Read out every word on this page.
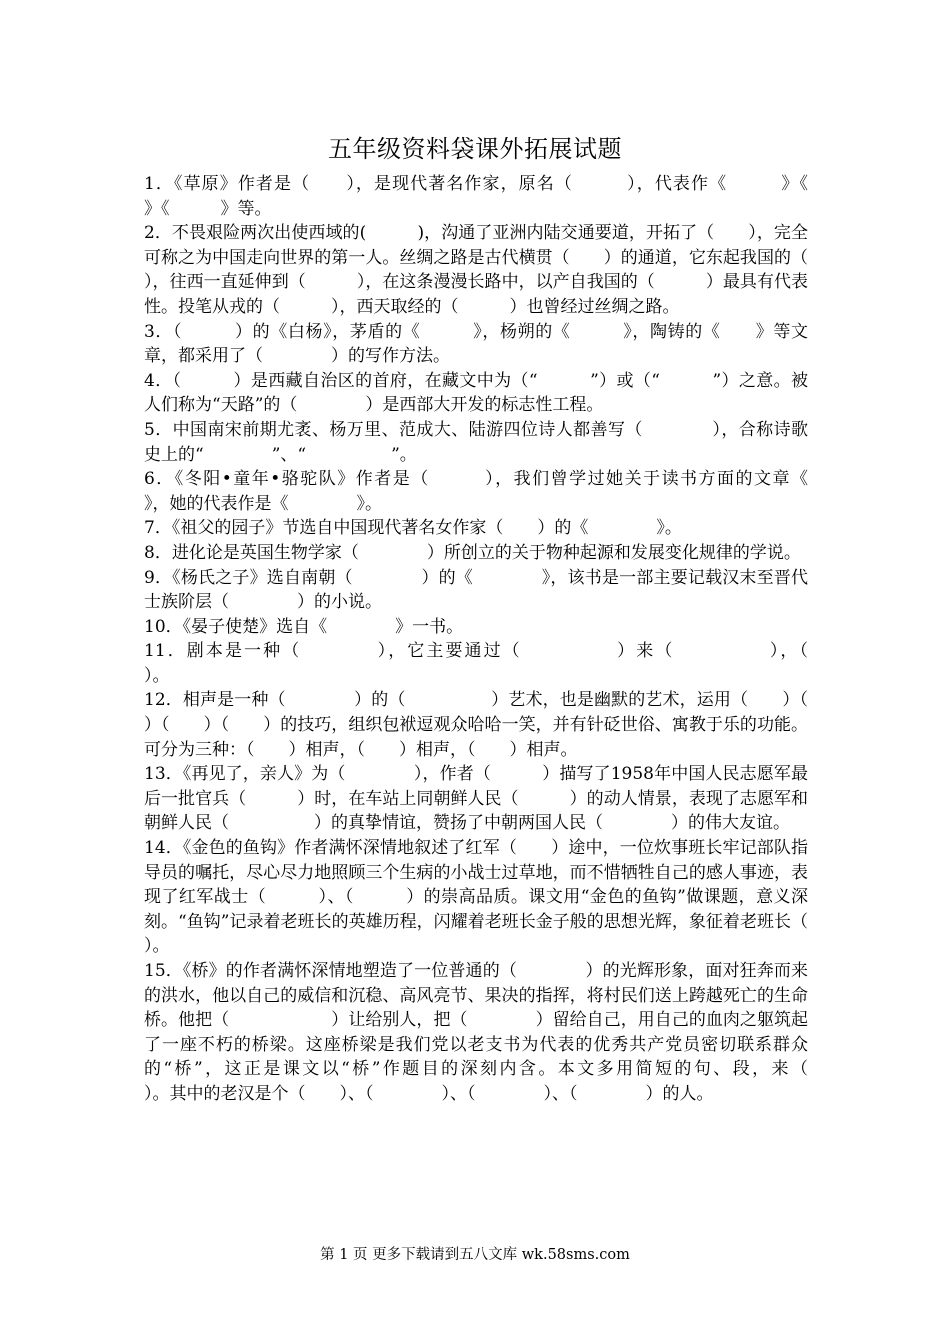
五年级资料袋课外拓展试题

1．《草原》作者是（　　），是现代著名作家，原名（　　　），代表作《　　　》《　　　　》《　　　》等。

2．不畏艰险两次出使西域的(　　　)，沟通了亚洲内陆交通要道，开拓了（　　），完全可称之为中国走向世界的第一人。丝绸之路是古代横贯（　　）的通道，它东起我国的（　　　　），往西一直延伸到（　　　），在这条漫漫长路中，以产自我国的（　　　）最具有代表性。投笔从戎的（　　　），西天取经的（　　　）也曾经过丝绸之路。

3．（　　　）的《白杨》，茅盾的《　　　》，杨朔的《　　　》，陶铸的《　　》等文章，都采用了（　　　　）的写作方法。

4．（　　　）是西藏自治区的首府，在藏文中为（“　　　”）或（“　　　”）之意。被人们称为“天路”的（　　　　）是西部大开发的标志性工程。

5．中国南宋前期尤袤、杨万里、范成大、陆游四位诗人都善写（　　　　），合称诗歌史上的“　　　　”、“　　　　　”。

6．《冬阳•童年•骆驼队》作者是（　　　），我们曾学过她关于读书方面的文章《　　　　》，她的代表作是《　　　　》。

7．《祖父的园子》节选自中国现代著名女作家（　　）的《　　　　》。

8．进化论是英国生物学家（　　　　）所创立的关于物种起源和发展变化规律的学说。

9．《杨氏之子》选自南朝（　　　　）的《　　　　》，该书是一部主要记载汉末至晋代士族阶层（　　　　）的小说。

10．《晏子使楚》选自《　　　　》一书。

11．剧本是一种（　　　　），它主要通过（　　　　　）来（　　　　　），（　　　　　）。

12．相声是一种（　　　　）的（　　　　　）艺术，也是幽默的艺术，运用（　　）（　　）（　　）（　　）的技巧，组织包袱逗观众哈哈一笑，并有针砭世俗、寓教于乐的功能。可分为三种：（　　）相声，（　　）相声，（　　）相声。

13．《再见了，亲人》为（　　　　），作者（　　　）描写了1958年中国人民志愿军最后一批官兵（　　　）时，在车站上同朝鲜人民（　　　）的动人情景，表现了志愿军和朝鲜人民（　　　　　）的真挚情谊，赞扬了中朝两国人民（　　　　）的伟大友谊。

14．《金色的鱼钩》作者满怀深情地叙述了红军（　　）途中，一位炊事班长牢记部队指导员的嘱托，尽心尽力地照顾三个生病的小战士过草地，而不惜牺牲自己的感人事迹，表现了红军战士（　　　）、（　　　）的崇高品质。课文用“金色的鱼钩”做课题，意义深刻。“鱼钩”记录着老班长的英雄历程，闪耀着老班长金子般的思想光辉，象征着老班长（　　　　　）。

15．《桥》的作者满怀深情地塑造了一位普通的（　　　　）的光辉形象，面对狂奔而来的洪水，他以自己的威信和沉稳、高风亮节、果决的指挥，将村民们送上跨越死亡的生命桥。他把（　　　　　　）让给别人，把（　　　　）留给自己，用自己的血肉之躯筑起了一座不朽的桥梁。这座桥梁是我们党以老支书为代表的优秀共产党员密切联系群众的“桥”，这正是课文以“桥”作题目的深刻内含。本文多用简短的句、段，来（　　　　）。其中的老汉是个（　　）、（　　　　）、（　　　　）、（　　　　）的人。

第 1 页 更多下载请到五八文库 wk.58sms.com
